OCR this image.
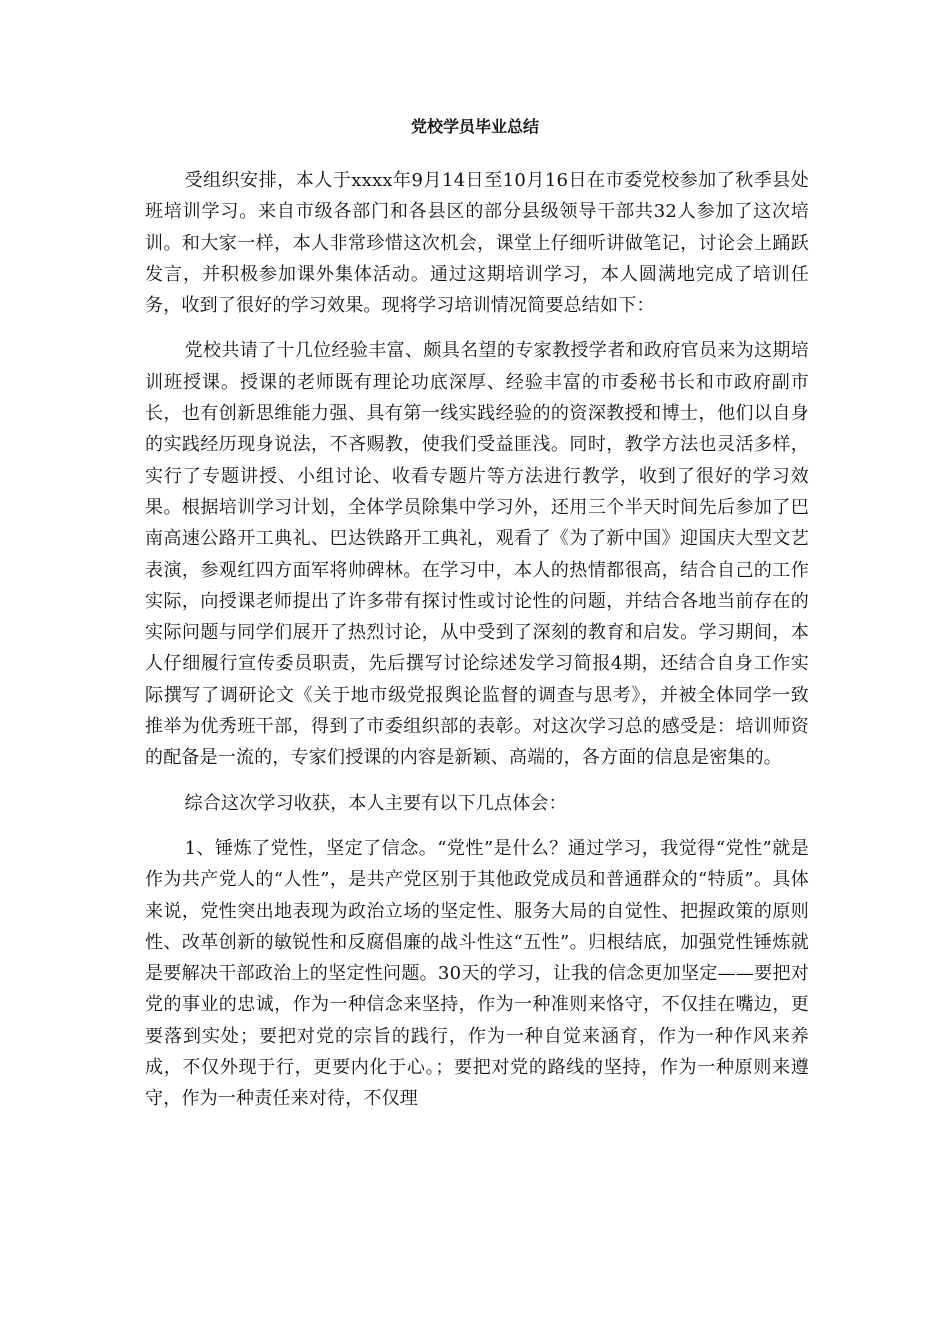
党校学员毕业总结

受组织安排，本人于xxxx年9月14日至10月16日在市委党校参加了秋季县处班培训学习。来自市级各部门和各县区的部分县级领导干部共32人参加了这次培训。和大家一样，本人非常珍惜这次机会，课堂上仔细听讲做笔记，讨论会上踊跃发言，并积极参加课外集体活动。通过这期培训学习，本人圆满地完成了培训任务，收到了很好的学习效果。现将学习培训情况简要总结如下：

党校共请了十几位经验丰富、颇具名望的专家教授学者和政府官员来为这期培训班授课。授课的老师既有理论功底深厚、经验丰富的市委秘书长和市政府副市长，也有创新思维能力强、具有第一线实践经验的的资深教授和博士，他们以自身的实践经历现身说法，不吝赐教，使我们受益匪浅。同时，教学方法也灵活多样，实行了专题讲授、小组讨论、收看专题片等方法进行教学，收到了很好的学习效果。根据培训学习计划，全体学员除集中学习外，还用三个半天时间先后参加了巴南高速公路开工典礼、巴达铁路开工典礼，观看了《为了新中国》迎国庆大型文艺表演，参观红四方面军将帅碑林。在学习中，本人的热情都很高，结合自己的工作实际，向授课老师提出了许多带有探讨性或讨论性的问题，并结合各地当前存在的实际问题与同学们展开了热烈讨论，从中受到了深刻的教育和启发。学习期间，本人仔细履行宣传委员职责，先后撰写讨论综述发学习简报4期，还结合自身工作实际撰写了调研论文《关于地市级党报舆论监督的调查与思考》，并被全体同学一致推举为优秀班干部，得到了市委组织部的表彰。对这次学习总的感受是：培训师资的配备是一流的，专家们授课的内容是新颖、高端的，各方面的信息是密集的。

综合这次学习收获，本人主要有以下几点体会：

1、锤炼了党性，坚定了信念。“党性”是什么？通过学习，我觉得“党性”就是作为共产党人的“人性”，是共产党区别于其他政党成员和普通群众的“特质”。具体来说，党性突出地表现为政治立场的坚定性、服务大局的自觉性、把握政策的原则性、改革创新的敏锐性和反腐倡廉的战斗性这“五性”。归根结底，加强党性锤炼就是要解决干部政治上的坚定性问题。30天的学习，让我的信念更加坚定——要把对党的事业的忠诚，作为一种信念来坚持，作为一种准则来恪守，不仅挂在嘴边，更要落到实处；要把对党的宗旨的践行，作为一种自觉来涵育，作为一种作风来养成，不仅外现于行，更要内化于心。；要把对党的路线的坚持，作为一种原则来遵守，作为一种责任来对待，不仅理
